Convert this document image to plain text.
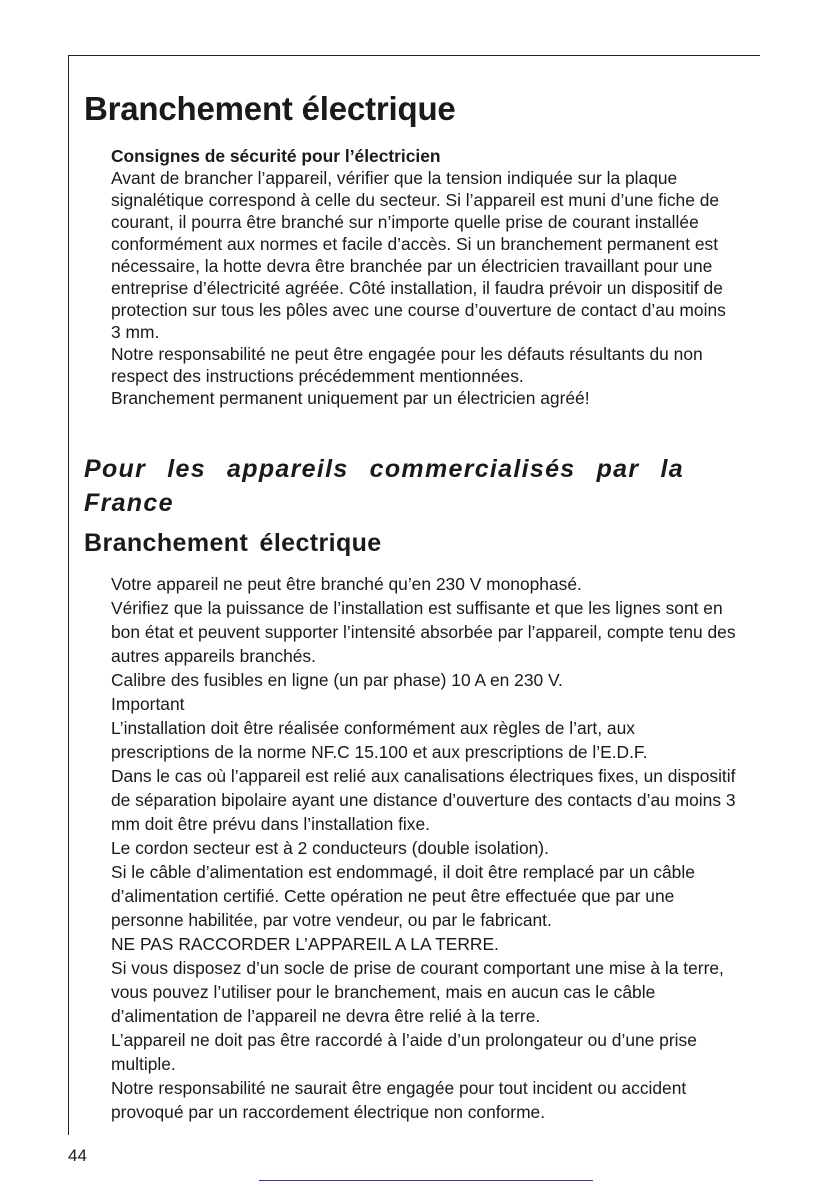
Branchement électrique

Consignes de sécurité pour l’électricien

Avant de brancher l’appareil, vérifier que la tension indiquée sur la plaque signalétique correspond à celle du secteur. Si l’appareil est muni d’une fiche de courant, il pourra être branché sur n’importe quelle prise de courant installée conformément aux normes et facile d’accès. Si un branchement permanent est nécessaire, la hotte devra être branchée par un électricien travaillant pour une entreprise d’électricité agréée. Côté installation, il faudra prévoir un dispositif de protection sur tous les pôles avec une course d’ouverture de contact d’au moins 3 mm.

Notre responsabilité ne peut être engagée pour les défauts résultants du non respect des instructions précédemment mentionnées.

Branchement permanent uniquement par un électricien agréé!

Pour les appareils commercialisés par la France
Branchement électrique

Votre appareil ne peut être branché qu’en 230 V monophasé.

Vérifiez que la puissance de l’installation est suffisante et que les lignes sont en bon état et peuvent supporter l’intensité absorbée par l’appareil, compte tenu des autres appareils branchés.

Calibre des fusibles en ligne (un par phase) 10 A en 230 V.

Important

L’installation doit être réalisée conformément aux règles de l’art, aux prescriptions de la norme NF.C 15.100 et aux prescriptions de l’E.D.F.

Dans le cas où l’appareil est relié aux canalisations électriques fixes, un dispositif de séparation bipolaire ayant une distance d’ouverture des contacts d’au moins 3 mm doit être prévu dans l’installation fixe.

Le cordon secteur est à 2 conducteurs (double isolation).

Si le câble d’alimentation est endommagé, il doit être remplacé par un câble d’alimentation certifié. Cette opération ne peut être effectuée que par une personne habilitée, par votre vendeur, ou par le fabricant.

NE PAS RACCORDER L’APPAREIL A LA TERRE.

Si vous disposez d’un socle de prise de courant comportant une mise à la terre, vous pouvez l’utiliser pour le branchement, mais en aucun cas le câble d’alimentation de l’appareil ne devra être relié à la terre.

L’appareil ne doit pas être raccordé à l’aide d’un prolongateur ou d’une prise multiple.

Notre responsabilité ne saurait être engagée pour tout incident ou accident provoqué par un raccordement électrique non conforme.

44
